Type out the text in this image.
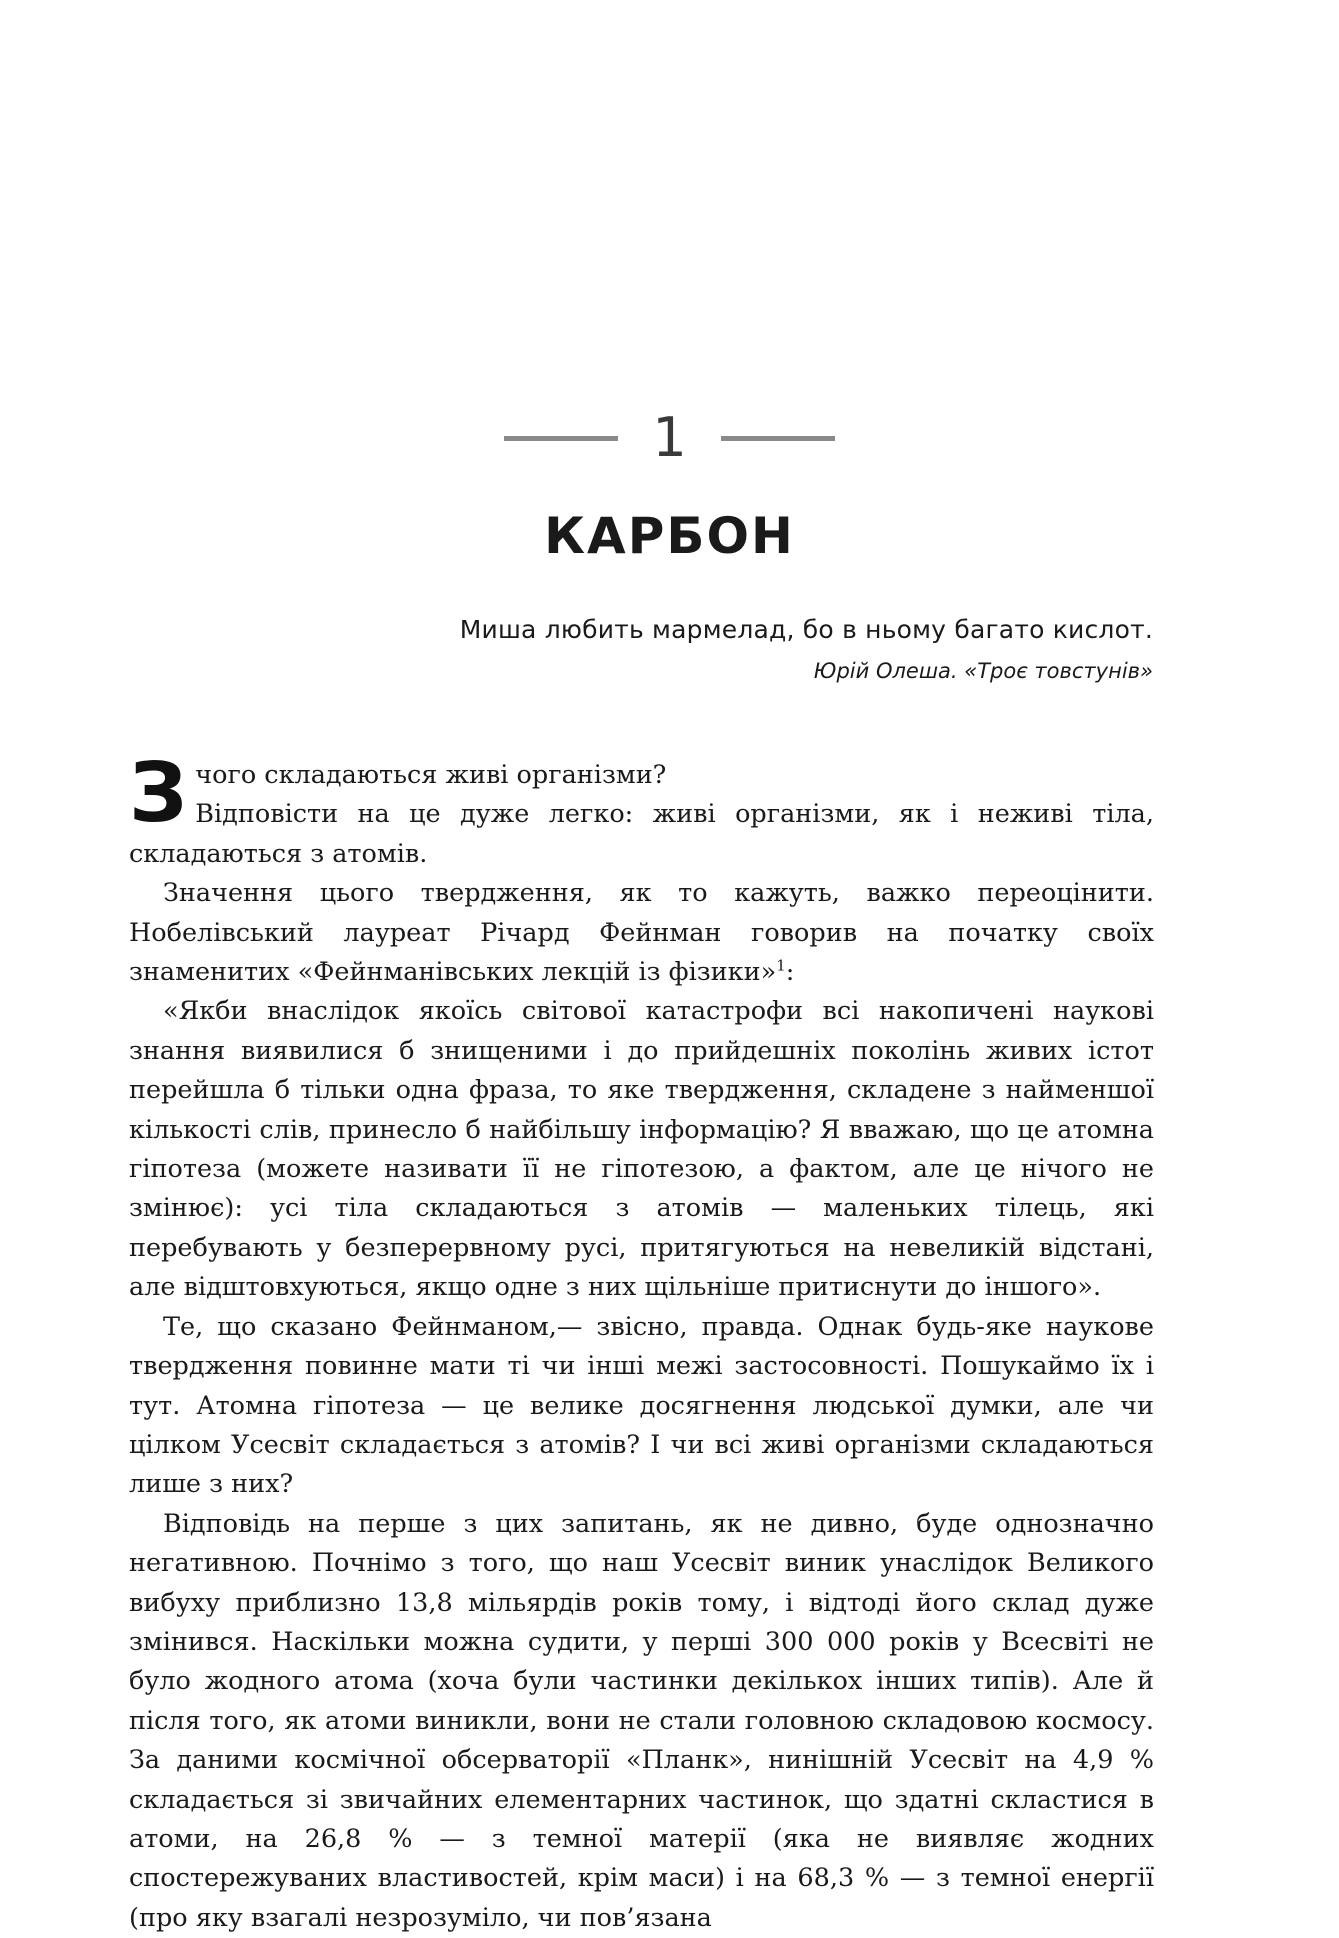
1
КАРБОН
Миша любить мармелад, бо в ньому багато кислот.
Юрій Олеша. «Троє товстунів»

З чого складаються живі організми?

Відповісти на це дуже легко: живі організми, як і неживі тіла, складаються з атомів.

Значення цього твердження, як то кажуть, важко переоцінити. Нобелівський лауреат Річард Фейнман говорив на початку своїх знаменитих «Фейнманівських лекцій із фізики»$^1$:

«Якби внаслідок якоїсь світової катастрофи всі накопичені наукові знання виявилися б знищеними і до прийдешніх поколінь живих істот перейшла б тільки одна фраза, то яке твердження, складене з найменшої кількості слів, принесло б найбільшу інформацію? Я вважаю, що це атомна гіпотеза (можете називати її не гіпотезою, а фактом, але це нічого не змінює): усі тіла складаються з атомів — маленьких тілець, які перебувають у безперервному русі, притягуються на невеликій відстані, але відштовхуються, якщо одне з них щільніше притиснути до іншого».

Те, що сказано Фейнманом,— звісно, правда. Однак будь-яке наукове твердження повинне мати ті чи інші межі застосовності. Пошукаймо їх і тут. Атомна гіпотеза — це велике досягнення людської думки, але чи цілком Усесвіт складається з атомів? І чи всі живі організми складаються лише з них?

Відповідь на перше з цих запитань, як не дивно, буде однозначно негативною. Почнімо з того, що наш Усесвіт виник унаслідок Великого вибуху приблизно 13,8 мільярдів років тому, і відтоді його склад дуже змінився. Наскільки можна судити, у перші 300 000 років у Всесвіті не було жодного атома (хоча були частинки декількох інших типів). Але й після того, як атоми виникли, вони не стали головною складовою космосу. За даними космічної обсерваторії «Планк», нинішній Усесвіт на 4,9 % складається зі звичайних елементарних частинок, що здатні скластися в атоми, на 26,8 % — з темної матерії (яка не виявляє жодних спостережуваних властивостей, крім маси) і на 68,3 % — з темної енергії (про яку взагалі незрозуміло, чи пов’язана
